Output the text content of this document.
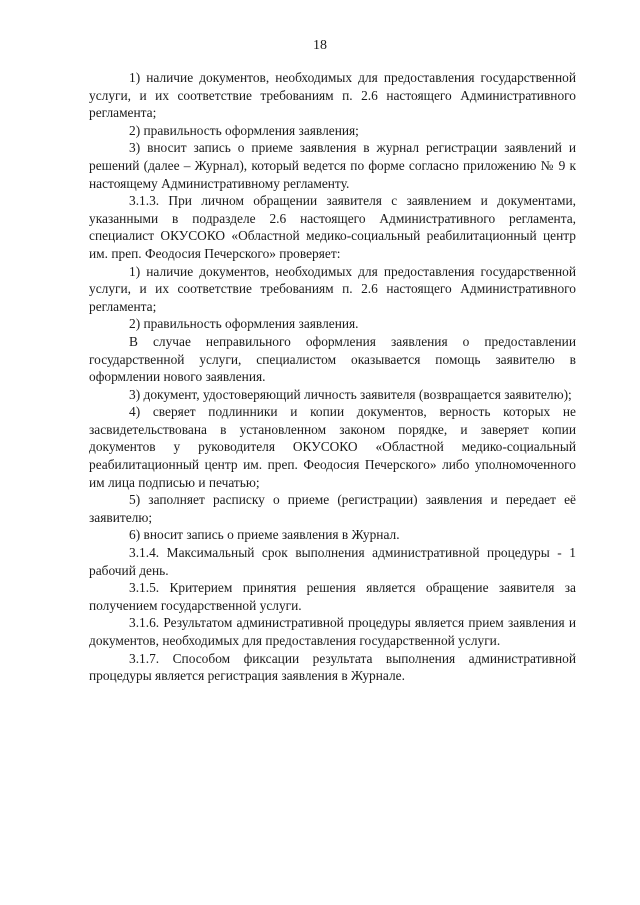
18

1) наличие документов, необходимых для предоставления государственной услуги, и их соответствие требованиям п. 2.6 настоящего Административного регламента;

2) правильность оформления заявления;

3) вносит запись о приеме заявления в журнал регистрации заявлений и решений (далее – Журнал), который ведется по форме согласно приложению № 9 к настоящему Административному регламенту.

3.1.3. При личном обращении заявителя с заявлением и документами, указанными в подразделе 2.6 настоящего Административного регламента, специалист ОКУСОКО «Областной медико-социальный реабилитационный центр им. преп. Феодосия Печерского» проверяет:

1) наличие документов, необходимых для предоставления государственной услуги, и их соответствие требованиям п. 2.6 настоящего Административного регламента;

2) правильность оформления заявления.

В случае неправильного оформления заявления о предоставлении государственной услуги, специалистом оказывается помощь заявителю в оформлении нового заявления.

3) документ, удостоверяющий личность заявителя (возвращается заявителю);

4) сверяет подлинники и копии документов, верность которых не засвидетельствована в установленном законом порядке, и заверяет копии документов у руководителя ОКУСОКО «Областной медико-социальный реабилитационный центр им. преп. Феодосия Печерского» либо уполномоченного им лица подписью и печатью;

5) заполняет расписку о приеме (регистрации) заявления и передает её заявителю;

6) вносит запись о приеме заявления в Журнал.

3.1.4. Максимальный срок выполнения административной процедуры - 1 рабочий день.

3.1.5. Критерием принятия решения является обращение заявителя за получением государственной услуги.

3.1.6. Результатом административной процедуры является прием заявления и документов, необходимых для предоставления государственной услуги.

3.1.7. Способом фиксации результата выполнения административной процедуры является регистрация заявления в Журнале.
